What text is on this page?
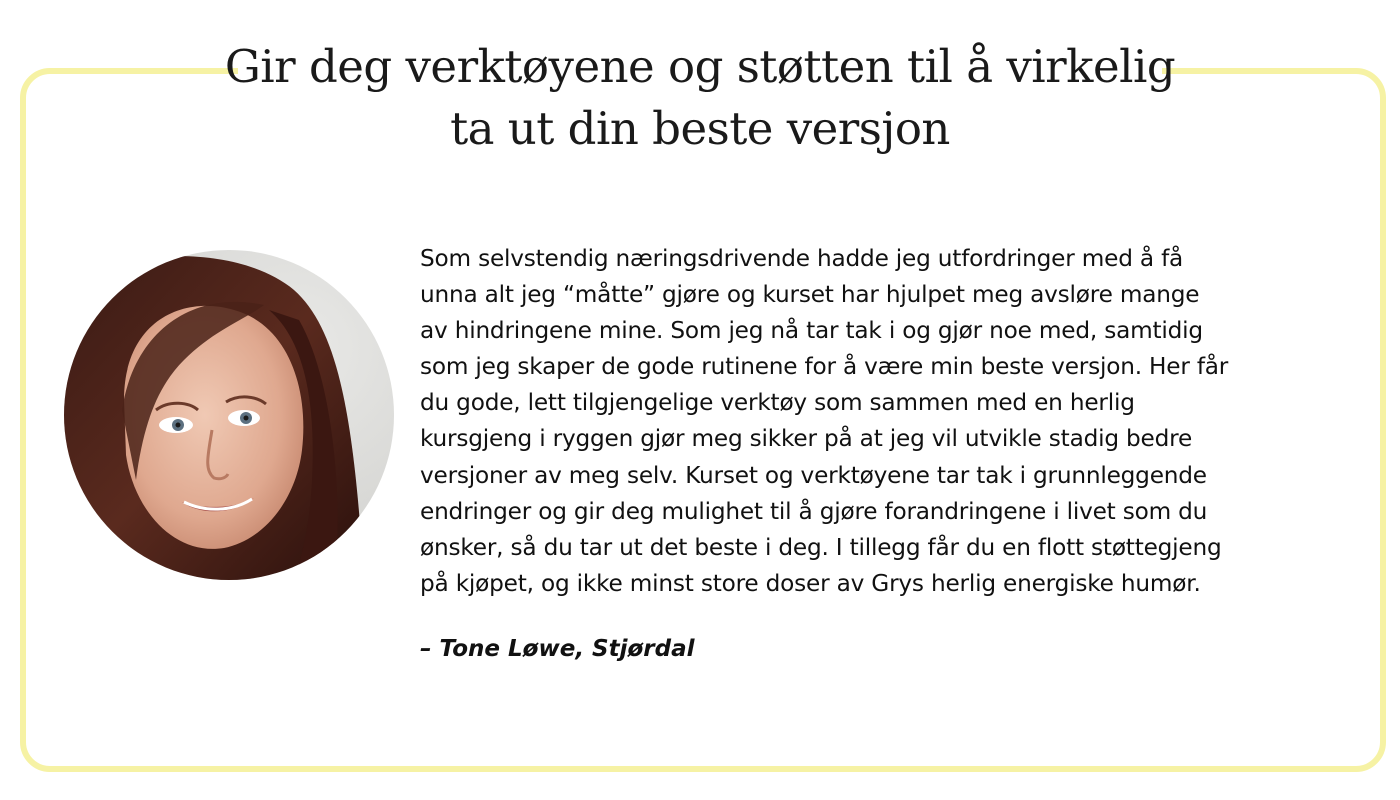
Gir deg verktøyene og støtten til å virkelig
ta ut din beste versjon
Som selvstendig næringsdrivende hadde jeg utfordringer med å få
unna alt jeg “måtte” gjøre og kurset har hjulpet meg avsløre mange
av hindringene mine. Som jeg nå tar tak i og gjør noe med, samtidig
som jeg skaper de gode rutinene for å være min beste versjon. Her får
du gode, lett tilgjengelige verktøy som sammen med en herlig
kursgjeng i ryggen gjør meg sikker på at jeg vil utvikle stadig bedre
versjoner av meg selv. Kurset og verktøyene tar tak i grunnleggende
endringer og gir deg mulighet til å gjøre forandringene i livet som du
ønsker, så du tar ut det beste i deg. I tillegg får du en flott støttegjeng
på kjøpet, og ikke minst store doser av Grys herlig energiske humør.

– Tone Løwe, Stjørdal
